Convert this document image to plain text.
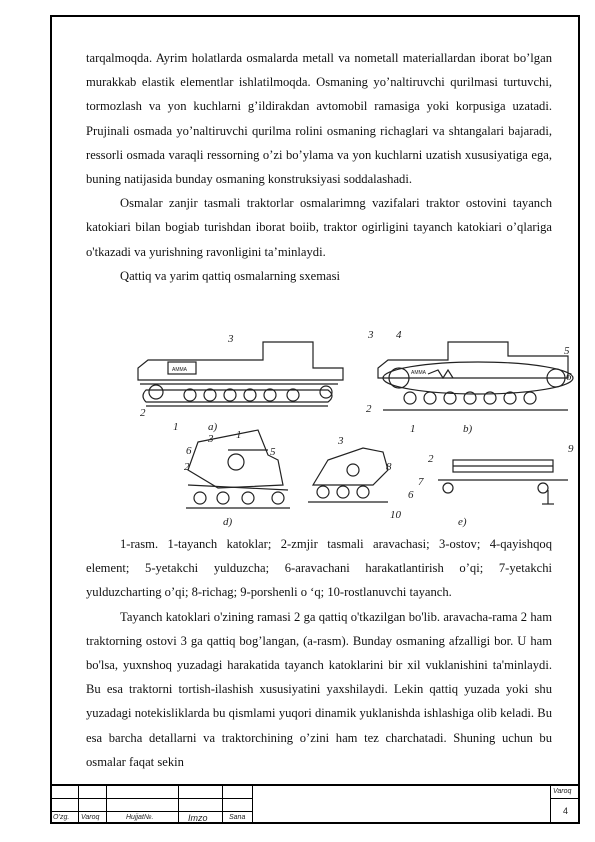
tarqalmoqda. Ayrim holatlarda osmalarda metall va nometall materiallardan iborat bo’lgan murakkab elastik elementlar ishlatilmoqda. Osmaning yo’naltiruvchi qurilmasi turtuvchi, tormozlash va yon kuchlarni g’ildirakdan avtomobil ramasiga yoki korpusiga uzatadi. Prujinali osmada yo’naltiruvchi qurilma rolini osmaning richaglari va shtangalari bajaradi, ressorli osmada varaqli ressorning o’zi bo’ylama va yon kuchlarni uzatish xususiyatiga ega, buning natijasida bunday osmaning konstruksiyasi soddalashadi.

Osmalar zanjir tasmali traktorlar osmalarimng vazifalari traktor ostovini tayanch katokiari bilan bogiab turishdan iborat boiib, traktor ogirligini tayanch katokiari o’qlariga o'tkazadi va yurishning ravonligini ta’minlaydi.

Qattiq va yarim qattiq osmalarning sxemasi

AMMA	AMMA
3
2
1	a)
3 4
5
6
2
1	b)
3 1
6
2
5
d)
3
2
8
7
6
10
9
e)

1-rasm. 1-tayanch katoklar; 2-zmjir tasmali aravachasi; 3-ostov; 4-qayishqoq element; 5-yetakchi yulduzcha; 6-aravachani harakatlantirish o’qi; 7-yetakchi yulduzcharting o’qi; 8-richag; 9-porshenli o ‘q; 10-rostlanuvchi tayanch.

Tayanch katoklari o'zining ramasi 2 ga qattiq o'tkazilgan bo'lib. aravacha-rama 2 ham traktorning ostovi 3 ga qattiq bog’langan, (a-rasm). Bunday osmaning afzalligi bor. U ham bo'lsa, yuxnshoq yuzadagi harakatida tayanch katoklarini bir xil vuklanishini ta'minlaydi. Bu esa traktorni tortish-ilashish xususiyatini yaxshilaydi. Lekin qattiq yuzada yoki shu yuzadagi notekisliklarda bu qismlami yuqori dinamik yuklanishda ishlashiga olib keladi. Bu esa barcha detallarni va traktorchining o’zini ham tez charchatadi. Shuning uchun bu osmalar faqat sekin

O’zg. Varoq	Hujjat№.	Imzo	Sana
Varoq
4
